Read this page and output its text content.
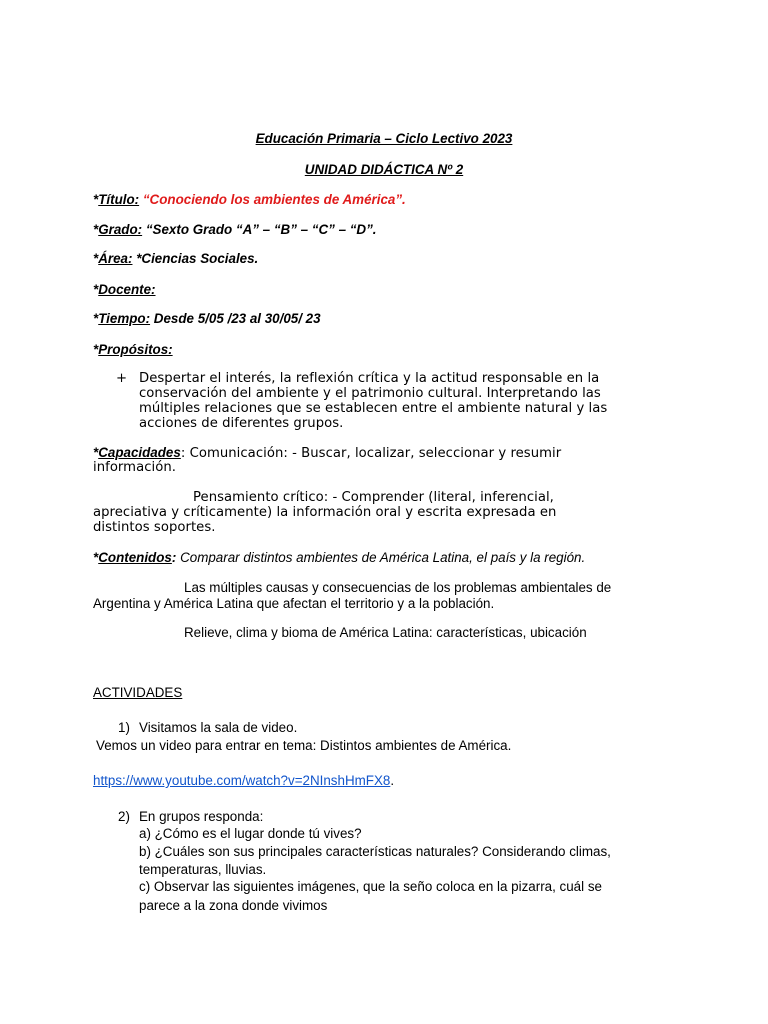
Educación Primaria – Ciclo Lectivo 2023
UNIDAD DIDÁCTICA Nº 2
*Título: “Conociendo los ambientes de América”.
*Grado: “Sexto Grado “A” – “B” – “C” – “D”.
*Área: *Ciencias Sociales.
*Docente:
*Tiempo: Desde 5/05 /23 al 30/05/ 23
*Propósitos:
+ Despertar el interés, la reflexión crítica y la actitud responsable en la
conservación del ambiente y el patrimonio cultural. Interpretando las
múltiples relaciones que se establecen entre el ambiente natural y las
acciones de diferentes grupos.
*Capacidades: Comunicación: - Buscar, localizar, seleccionar y resumir
información.
Pensamiento crítico: - Comprender (literal, inferencial,
apreciativa y críticamente) la información oral y escrita expresada en
distintos soportes.
*Contenidos: Comparar distintos ambientes de América Latina, el país y la región.
Las múltiples causas y consecuencias de los problemas ambientales de
Argentina y América Latina que afectan el territorio y a la población.
Relieve, clima y bioma de América Latina: características, ubicación
ACTIVIDADES
1) Visitamos la sala de video.
Vemos un video para entrar en tema: Distintos ambientes de América.
https://www.youtube.com/watch?v=2NInshHmFX8.
2) En grupos responda:
a) ¿Cómo es el lugar donde tú vives?
b) ¿Cuáles son sus principales características naturales? Considerando climas,
temperaturas, lluvias.
c) Observar las siguientes imágenes, que la seño coloca en la pizarra, cuál se
parece a la zona donde vivimos
